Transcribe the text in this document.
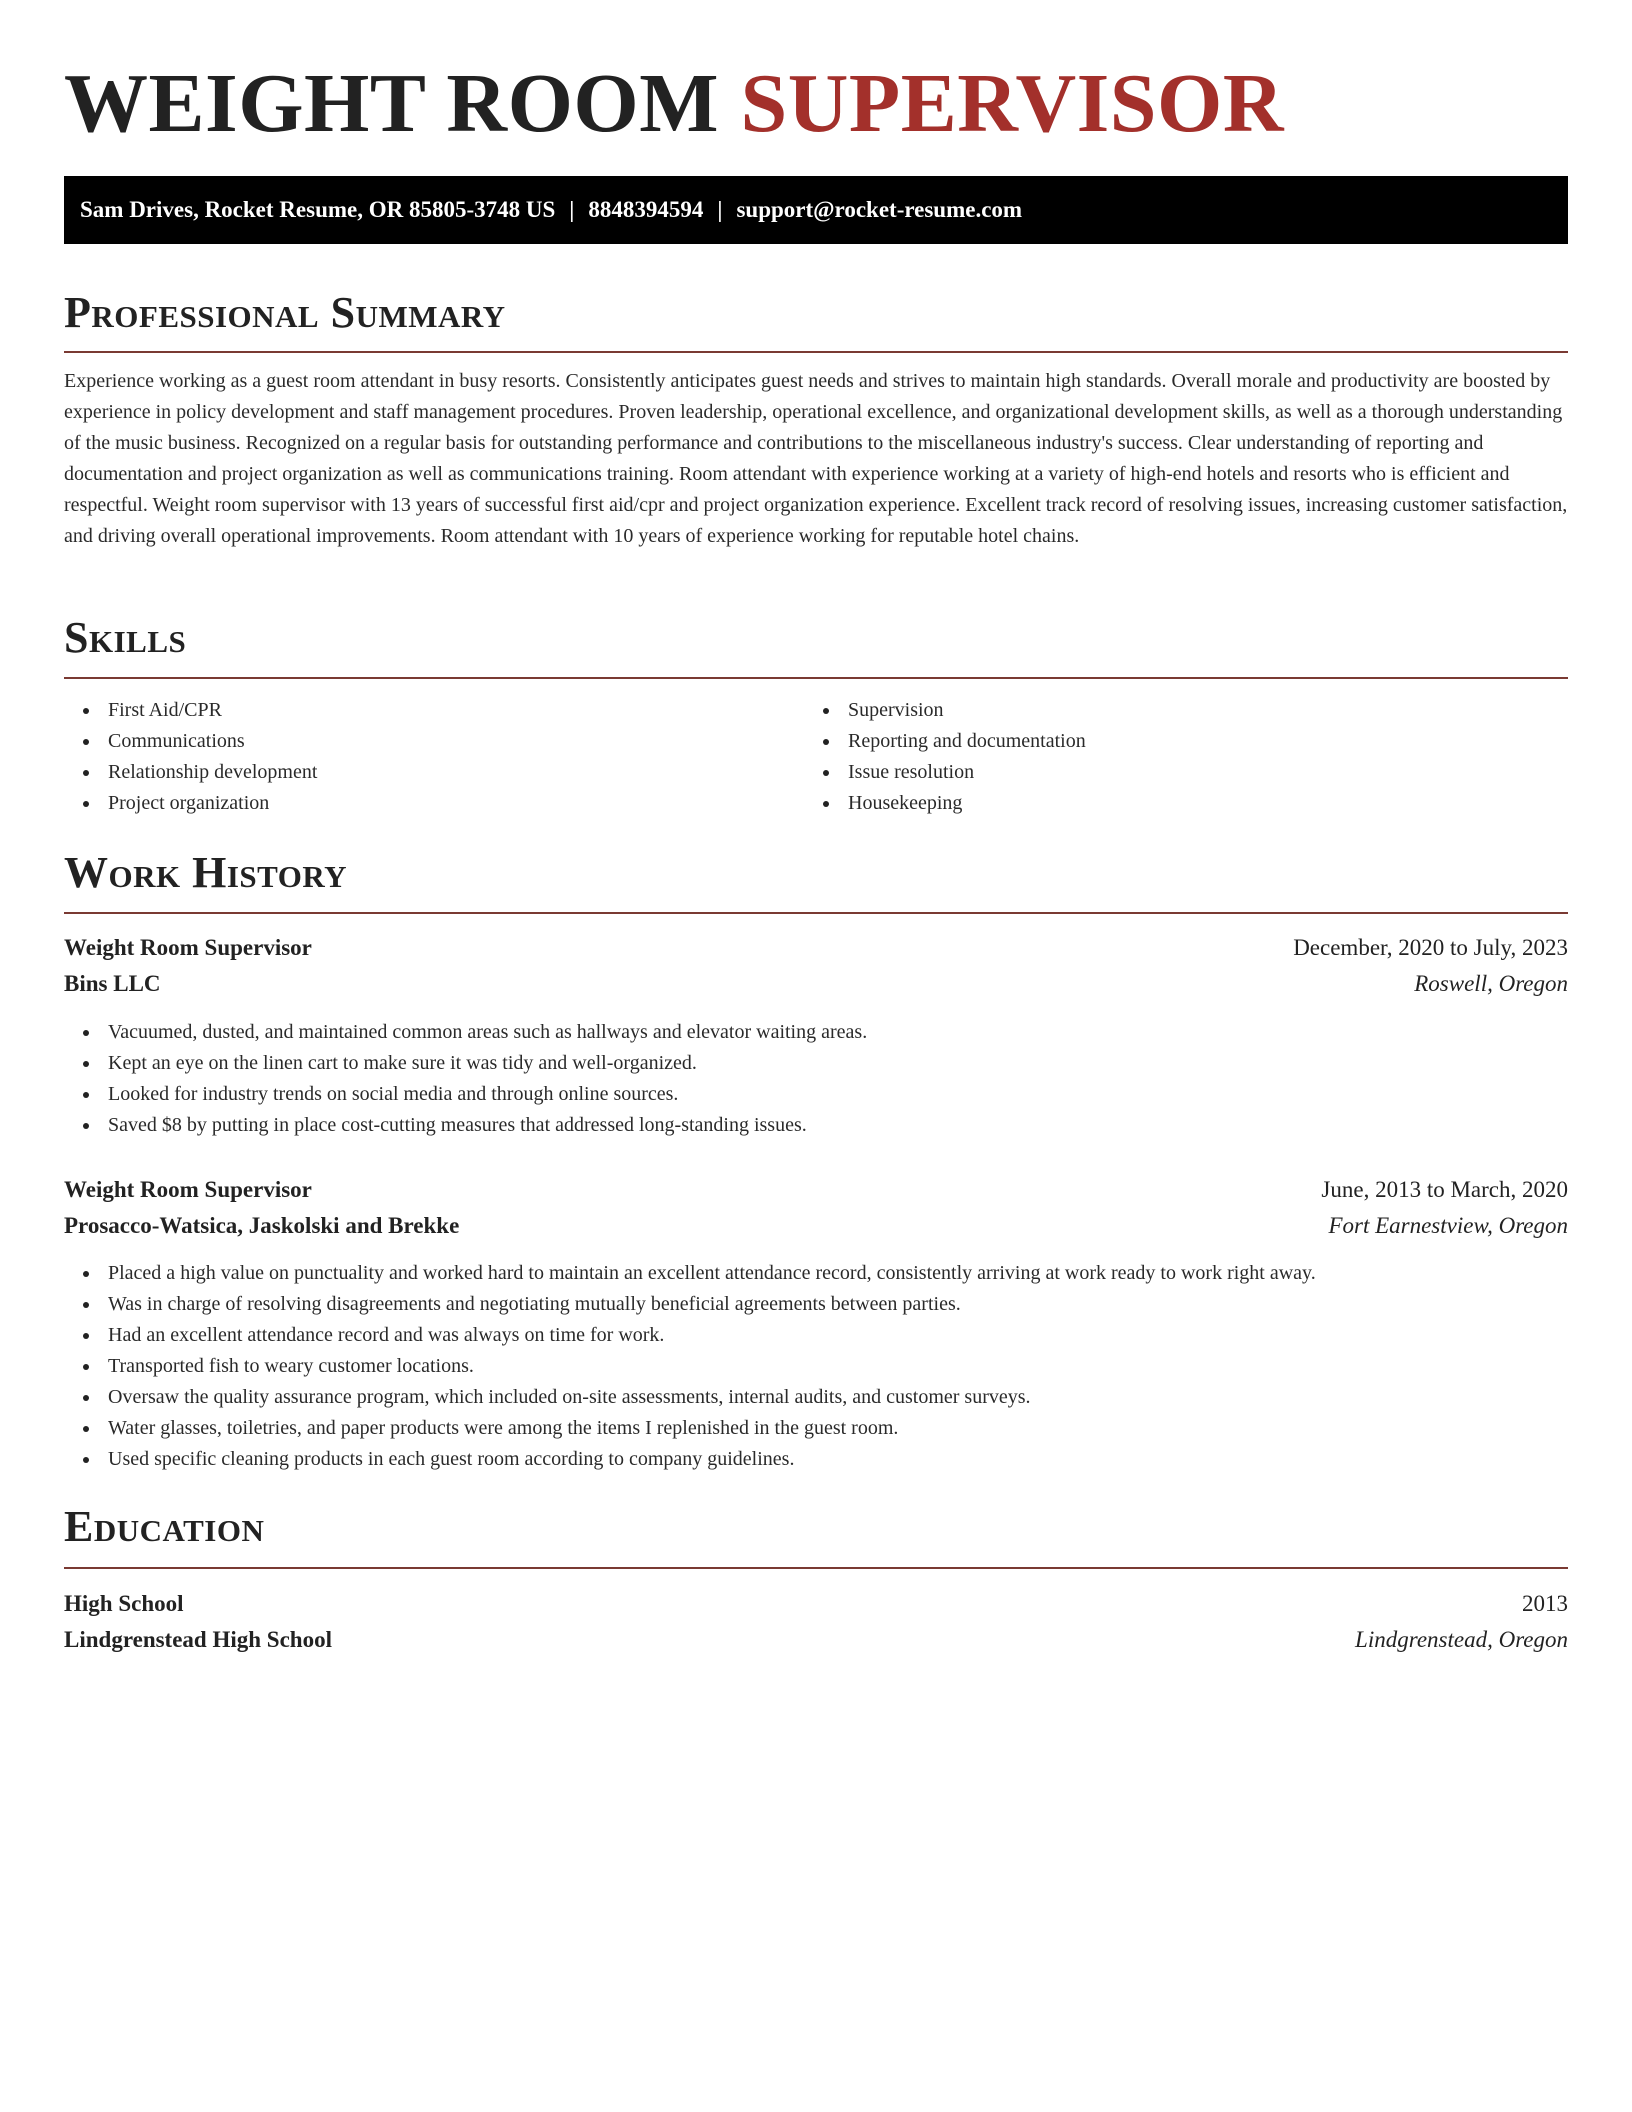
WEIGHT ROOM SUPERVISOR
Sam Drives, Rocket Resume, OR 85805-3748 US | 8848394594 | support@rocket-resume.com
Professional Summary

Experience working as a guest room attendant in busy resorts. Consistently anticipates guest needs and strives to maintain high standards. Overall morale and productivity are boosted by experience in policy development and staff management procedures. Proven leadership, operational excellence, and organizational development skills, as well as a thorough understanding of the music business. Recognized on a regular basis for outstanding performance and contributions to the miscellaneous industry's success. Clear understanding of reporting and documentation and project organization as well as communications training. Room attendant with experience working at a variety of high-end hotels and resorts who is efficient and respectful. Weight room supervisor with 13 years of successful first aid/cpr and project organization experience. Excellent track record of resolving issues, increasing customer satisfaction, and driving overall operational improvements. Room attendant with 10 years of experience working for reputable hotel chains.

Skills
First Aid/CPR
Communications
Relationship development
Project organization
Supervision
Reporting and documentation
Issue resolution
Housekeeping
Work History
Weight Room Supervisor	December, 2020 to July, 2023
Bins LLC	Roswell, Oregon
Vacuumed, dusted, and maintained common areas such as hallways and elevator waiting areas.
Kept an eye on the linen cart to make sure it was tidy and well-organized.
Looked for industry trends on social media and through online sources.
Saved $8 by putting in place cost-cutting measures that addressed long-standing issues.
Weight Room Supervisor	June, 2013 to March, 2020
Prosacco-Watsica, Jaskolski and Brekke	Fort Earnestview, Oregon
Placed a high value on punctuality and worked hard to maintain an excellent attendance record, consistently arriving at work ready to work right away.
Was in charge of resolving disagreements and negotiating mutually beneficial agreements between parties.
Had an excellent attendance record and was always on time for work.
Transported fish to weary customer locations.
Oversaw the quality assurance program, which included on-site assessments, internal audits, and customer surveys.
Water glasses, toiletries, and paper products were among the items I replenished in the guest room.
Used specific cleaning products in each guest room according to company guidelines.
Education
High School	2013
Lindgrenstead High School	Lindgrenstead, Oregon
